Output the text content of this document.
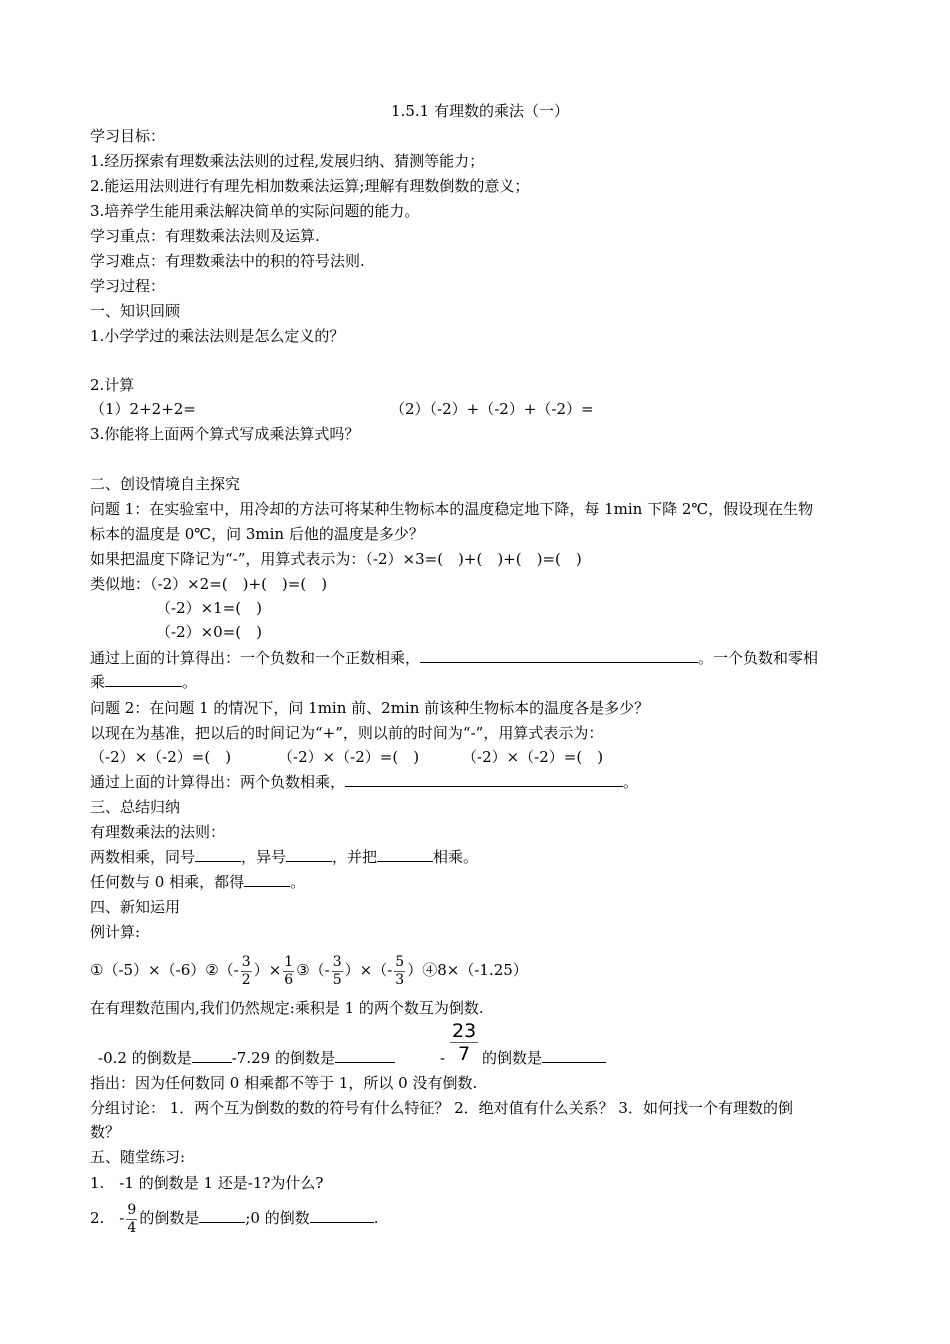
1.5.1 有理数的乘法（一）
学习目标：
1.经历探索有理数乘法法则的过程,发展归纳、猜测等能力；
2.能运用法则进行有理先相加数乘法运算;理解有理数倒数的意义；
3.培养学生能用乘法解决简单的实际问题的能力。
学习重点：有理数乘法法则及运算.
学习难点：有理数乘法中的积的符号法则.
学习过程：
一、知识回顾
1.小学学过的乘法法则是怎么定义的？
2.计算
（1）2+2+2=	（2）（-2）+（-2）+（-2）=
3.你能将上面两个算式写成乘法算式吗？
二、创设情境自主探究
问题 1：在实验室中，用冷却的方法可将某种生物标本的温度稳定地下降，每 1min 下降 2℃，假设现在生物
标本的温度是 0℃，问 3min 后他的温度是多少？
如果把温度下降记为“-”，用算式表示为：（-2）×3=(　)+(　)+(　)=(　)
类似地：（-2）×2=(　)+(　)=(　)
（-2）×1=(　)
（-2）×0=(　)
通过上面的计算得出：一个负数和一个正数相乘，	。一个负数和零相
乘	。
问题 2：在问题 1 的情况下，问 1min 前、2min 前该种生物标本的温度各是多少？
以现在为基准，把以后的时间记为“+”，则以前的时间为“-”，用算式表示为：
（-2）×（-2）=(　)	（-2）×（-2）=(　)	（-2）×（-2）=(　)
通过上面的计算得出：两个负数相乘，	。
三、总结归纳
有理数乘法的法则：
两数相乘，同号	，异号	，并把	相乘。
任何数与 0 相乘，都得	。
四、新知运用
例计算:
①（-5）×（-6）②（- $\frac{3}{2}$ ）× $\frac{1}{6}$ ③（- $\frac{3}{5}$ ）×（- $\frac{5}{3}$ ）④8×（-1.25）
在有理数范围内,我们仍然规定:乘积是 1 的两个数互为倒数.
$\frac{23}{7}$
-0.2 的倒数是	-7.29 的倒数是	- 的倒数是
指出：因为任何数同 0 相乘都不等于 1，所以 0 没有倒数.
分组讨论： 1．两个互为倒数的数的符号有什么特征？ 2．绝对值有什么关系？ 3．如何找一个有理数的倒
数？
五、随堂练习:
1.　-1 的倒数是 1 还是-1?为什么?
2.　- $\frac{9}{4}$ 的倒数是	;0 的倒数	.
